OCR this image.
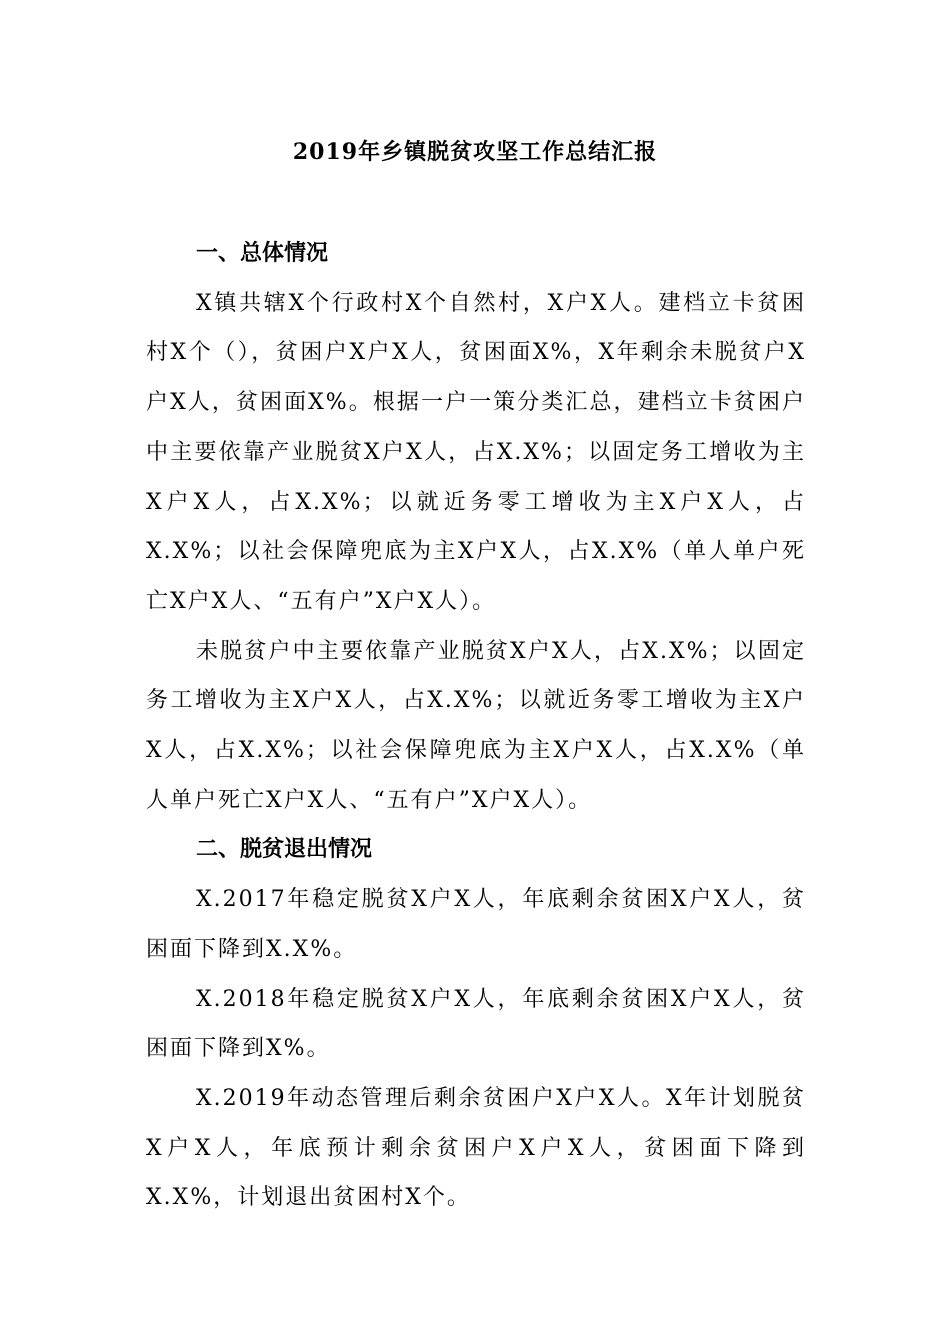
2019年乡镇脱贫攻坚工作总结汇报
一、总体情况

X镇共辖X个行政村X个自然村，X户X人。建档立卡贫困村X个（），贫困户X户X人，贫困面X%，X年剩余未脱贫户X户X人，贫困面X%。根据一户一策分类汇总，建档立卡贫困户中主要依靠产业脱贫X户X人，占X.X%；以固定务工增收为主X户X人，占X.X%；以就近务零工增收为主X户X人，占X.X%；以社会保障兜底为主X户X人，占X.X%（单人单户死亡X户X人、“五有户”X户X人）。

未脱贫户中主要依靠产业脱贫X户X人，占X.X%；以固定务工增收为主X户X人，占X.X%；以就近务零工增收为主X户X人，占X.X%；以社会保障兜底为主X户X人，占X.X%（单人单户死亡X户X人、“五有户”X户X人）。

二、脱贫退出情况

X.2017年稳定脱贫X户X人，年底剩余贫困X户X人，贫困面下降到X.X%。

X.2018年稳定脱贫X户X人，年底剩余贫困X户X人，贫困面下降到X%。

X.2019年动态管理后剩余贫困户X户X人。X年计划脱贫X户X人，年底预计剩余贫困户X户X人，贫困面下降到X.X%，计划退出贫困村X个。
